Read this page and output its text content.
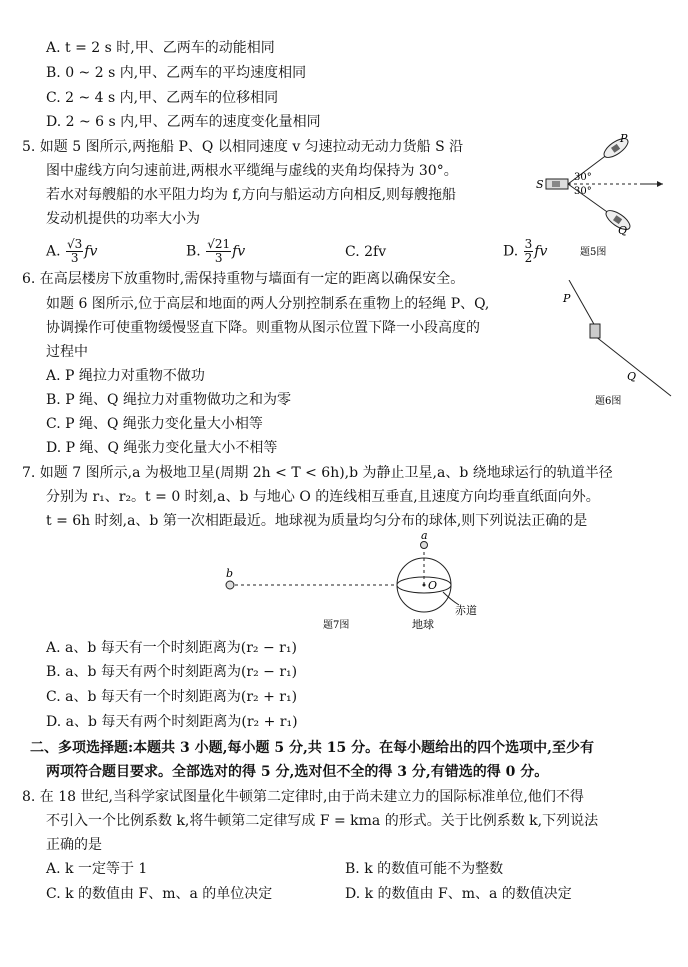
A. t = 2 s 时,甲、乙两车的动能相同
B. 0 ~ 2 s 内,甲、乙两车的平均速度相同
C. 2 ~ 4 s 内,甲、乙两车的位移相同
D. 2 ~ 6 s 内,甲、乙两车的速度变化量相同
5. 如题 5 图所示,两拖船 P、Q 以相同速度 v 匀速拉动无动力货船 S 沿
图中虚线方向匀速前进,两根水平缆绳与虚线的夹角均保持为 30°。
若水对每艘船的水平阻力均为 f,方向与船运动方向相反,则每艘拖船
发动机提供的功率大小为
A. $\frac{√3}{3}$ fv	B. $\frac{√21}{3}$ fv	C. 2fv	D. $\frac{3}{2}$ fv
S
P
Q
30°
30°
题5图
6. 在高层楼房下放重物时,需保持重物与墙面有一定的距离以确保安全。
如题 6 图所示,位于高层和地面的两人分别控制系在重物上的轻绳 P、Q,
协调操作可使重物缓慢竖直下降。则重物从图示位置下降一小段高度的
过程中
A. P 绳拉力对重物不做功
B. P 绳、Q 绳拉力对重物做功之和为零
C. P 绳、Q 绳张力变化量大小相等
D. P 绳、Q 绳张力变化量大小不相等
P
Q
题6图
7. 如题 7 图所示,a 为极地卫星(周期 2h < T < 6h),b 为静止卫星,a、b 绕地球运行的轨道半径
分别为 r₁、r₂。t = 0 时刻,a、b 与地心 O 的连线相互垂直,且速度方向均垂直纸面向外。
t = 6h 时刻,a、b 第一次相距最近。地球视为质量均匀分布的球体,则下列说法正确的是
b
a
O
赤道
地球
题7图
A. a、b 每天有一个时刻距离为(r₂ − r₁)
B. a、b 每天有两个时刻距离为(r₂ − r₁)
C. a、b 每天有一个时刻距离为(r₂ + r₁)
D. a、b 每天有两个时刻距离为(r₂ + r₁)
二、多项选择题:本题共 3 小题,每小题 5 分,共 15 分。在每小题给出的四个选项中,至少有
两项符合题目要求。全部选对的得 5 分,选对但不全的得 3 分,有错选的得 0 分。
8. 在 18 世纪,当科学家试图量化牛顿第二定律时,由于尚未建立力的国际标准单位,他们不得
不引入一个比例系数 k,将牛顿第二定律写成 F = kma 的形式。关于比例系数 k,下列说法
正确的是
A. k 一定等于 1	B. k 的数值可能不为整数
C. k 的数值由 F、m、a 的单位决定	D. k 的数值由 F、m、a 的数值决定
